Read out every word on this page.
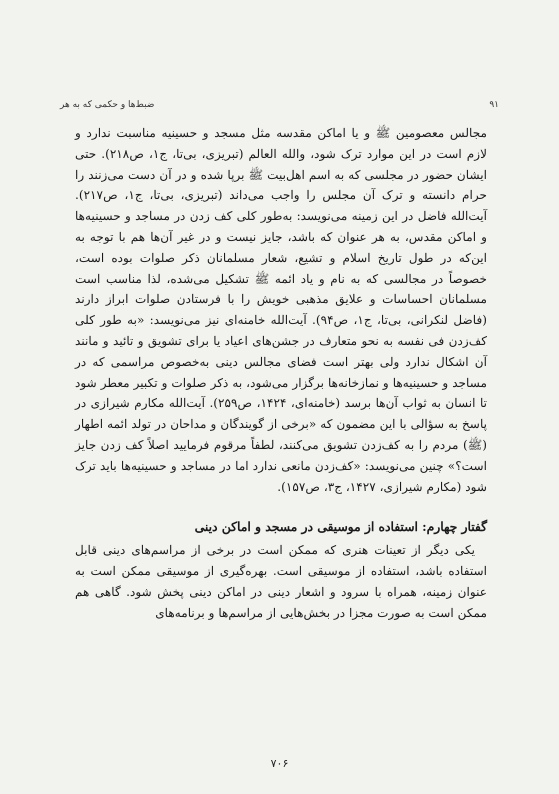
۹۱
ضبط‌ها و حکمی که به هر

مجالس معصومین ﷺ و یا اماکن مقدسه مثل مسجد و حسینیه مناسبت ندارد و لازم است در این موارد ترک شود، والله العالم (تبریزی، بی‌تا، ج۱، ص۲۱۸). حتی ایشان حضور در مجلسی که به اسم اهل‌بیت ﷺ برپا شده و در آن دست می‌زنند را حرام دانسته و ترک آن مجلس را واجب می‌داند (تبریزی، بی‌تا، ج۱، ص۲۱۷). آیت‌الله فاضل در این زمینه می‌نویسد: به‌طور کلی کف زدن در مساجد و حسینیه‌ها و اماکن مقدس، به هر عنوان که باشد، جایز نیست و در غیر آن‌ها هم با توجه به این‌که در طول تاریخ اسلام و تشیع، شعار مسلمانان ذکر صلوات بوده است، خصوصاً در مجالسی که به نام و یاد ائمه ﷺ تشکیل می‌شده، لذا مناسب است مسلمانان احساسات و علایق مذهبی خویش را با فرستادن صلوات ابراز دارند (فاضل لنکرانی، بی‌تا، ج۱، ص۹۴). آیت‌الله خامنه‌ای نیز می‌نویسد: «به طور کلی کف‌زدن فی نفسه به نحو متعارف در جشن‌های اعیاد یا برای تشویق و تائید و مانند آن اشکال ندارد ولی بهتر است فضای مجالس دینی به‌خصوص مراسمی که در مساجد و حسینیه‌ها و نمازخانه‌ها برگزار می‌شود، به ذکر صلوات و تکبیر معطر شود تا انسان به ثواب آن‌ها برسد (خامنه‌ای، ۱۴۲۴، ص۲۵۹). آیت‌الله مکارم شیرازی در پاسخ به سؤالی با این مضمون که «برخی از گویندگان و مداحان در تولد ائمه اطهار (ﷺ) مردم را به کف‌زدن تشویق می‌کنند، لطفاً مرقوم فرمایید اصلاً کف زدن جایز است؟» چنین می‌نویسد: «کف‌زدن مانعی ندارد اما در مساجد و حسینیه‌ها باید ترک شود (مکارم شیرازی، ۱۴۲۷، ج۳، ص۱۵۷).

گفتار چهارم: استفاده از موسیقی در مسجد و اماکن دینی

یکی دیگر از تعینات هنری که ممکن است در برخی از مراسم‌های دینی قابل استفاده باشد، استفاده از موسیقی است. بهره‌گیری از موسیقی ممکن است به عنوان زمینه، همراه با سرود و اشعار دینی در اماکن دینی پخش شود. گاهی هم ممکن است به صورت مجزا در بخش‌هایی از مراسم‌ها و برنامه‌های

۷۰۶
